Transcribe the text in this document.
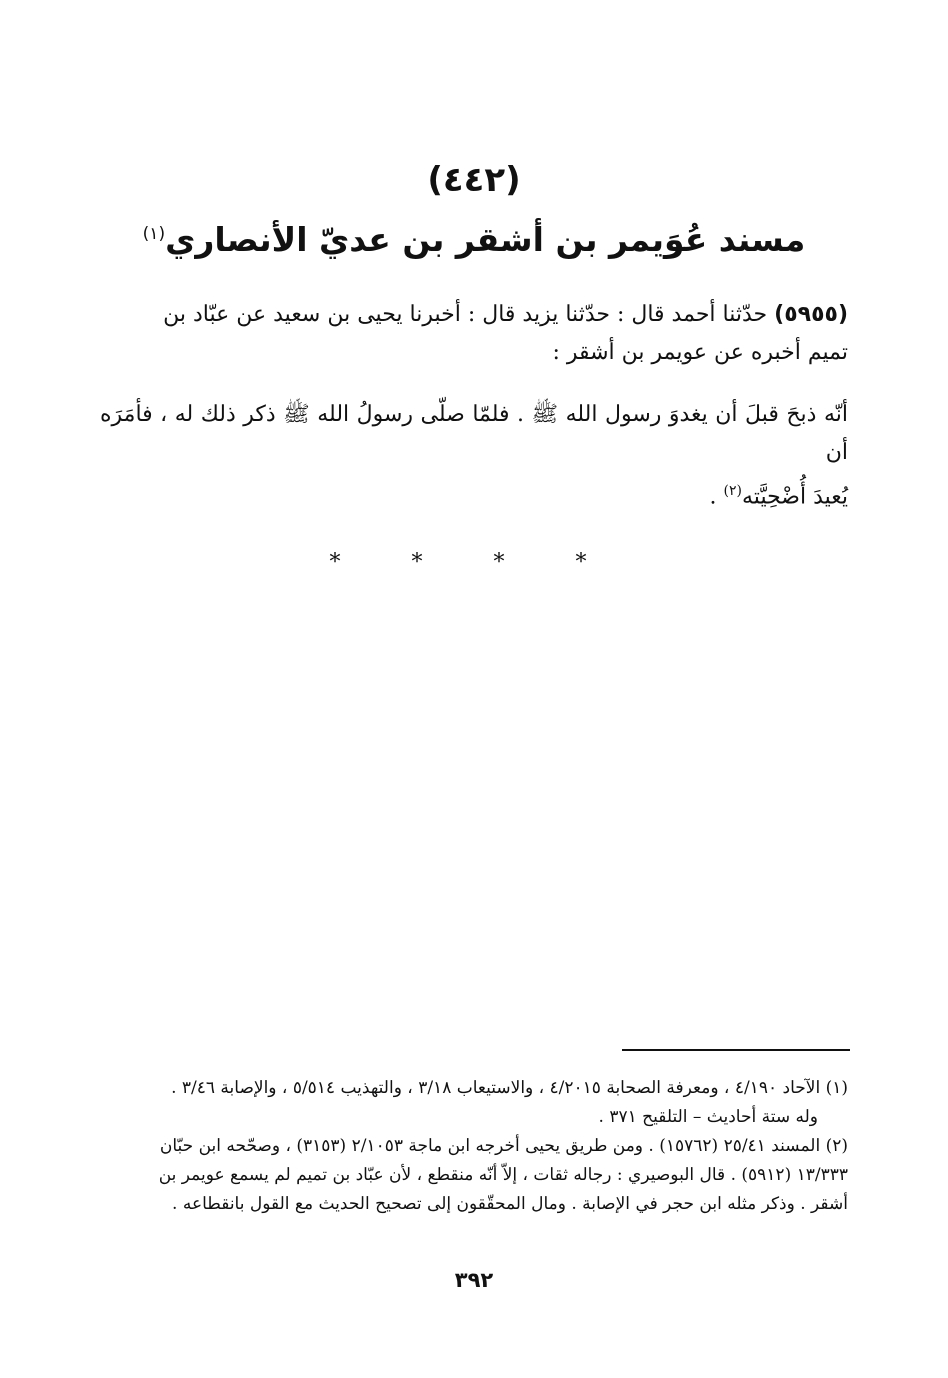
(٤٤٢)
مسند عُوَيمر بن أشقر بن عديّ الأنصاري$^{(١)}$

(٥٩٥٥) حدّثنا أحمد قال : حدّثنا يزيد قال : أخبرنا يحيى بن سعيد عن عبّاد بن

تميم أخبره عن عويمر بن أشقر :

أنّه ذبحَ قبلَ أن يغدوَ رسول الله ﷺ . فلمّا صلّى رسولُ الله ﷺ ذكر ذلك له ، فأمَرَه أن

يُعيدَ أُضْحِيَّته$^{(٢)}$ .

* * * *

(١) الآحاد ٤/١٩٠ ، ومعرفة الصحابة ٤/٢٠١٥ ، والاستيعاب ٣/١٨ ، والتهذيب ٥/٥١٤ ، والإصابة ٣/٤٦ .

وله ستة أحاديث – التلقيح ٣٧١ .

(٢) المسند ٢٥/٤١ (١٥٧٦٢) . ومن طريق يحيى أخرجه ابن ماجة ٢/١٠٥٣ (٣١٥٣) ، وصحّحه ابن حبّان

١٣/٣٣٣ (٥٩١٢) . قال البوصيري : رجاله ثقات ، إلاّ أنّه منقطع ، لأن عبّاد بن تميم لم يسمع عويمر بن

أشقر . وذكر مثله ابن حجر في الإصابة . ومال المحقّقون إلى تصحيح الحديث مع القول بانقطاعه .

٣٩٢
